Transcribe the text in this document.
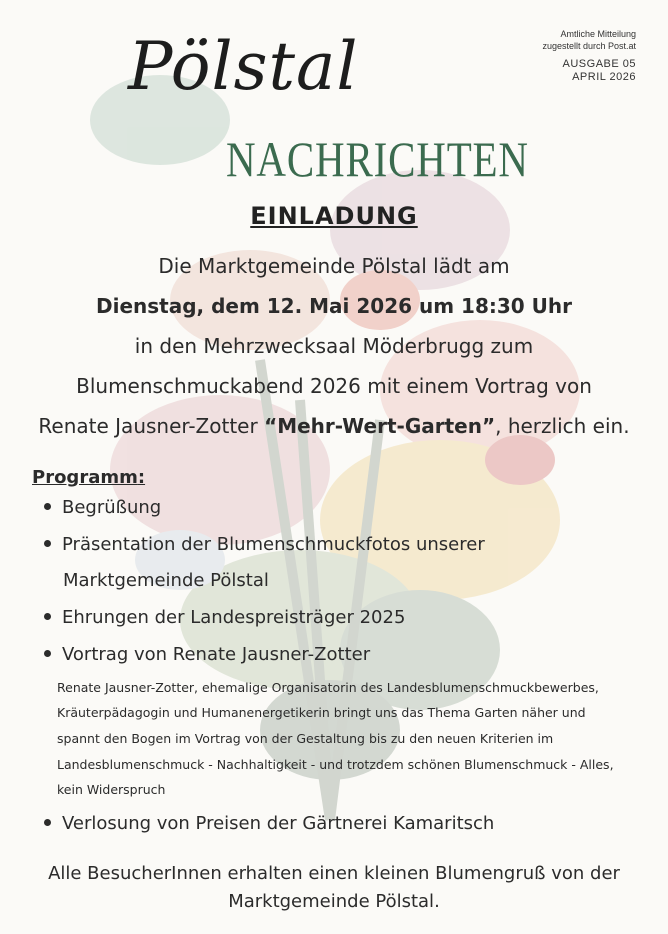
Pölstal
NACHRICHTEN
Amtliche Mitteilung
zugestellt durch Post.at
AUSGABE 05
APRIL 2026
EINLADUNG
Die Marktgemeinde Pölstal lädt am
Dienstag, dem 12. Mai 2026 um 18:30 Uhr
in den Mehrzwecksaal Möderbrugg zum
Blumenschmuckabend 2026 mit einem Vortrag von
Renate Jausner-Zotter “Mehr-Wert-Garten”, herzlich ein.
Programm:
Begrüßung
Präsentation der Blumenschmuckfotos unserer
Marktgemeinde Pölstal
Ehrungen der Landespreisträger 2025
Vortrag von Renate Jausner-Zotter
Renate Jausner-Zotter, ehemalige Organisatorin des Landesblumenschmuckbewerbes,
Kräuterpädagogin und Humanenergetikerin bringt uns das Thema Garten näher und
spannt den Bogen im Vortrag von der Gestaltung bis zu den neuen Kriterien im
Landesblumenschmuck - Nachhaltigkeit - und trotzdem schönen Blumenschmuck - Alles,
kein Widerspruch
Verlosung von Preisen der Gärtnerei Kamaritsch
Alle BesucherInnen erhalten einen kleinen Blumengruß von der
Marktgemeinde Pölstal.
